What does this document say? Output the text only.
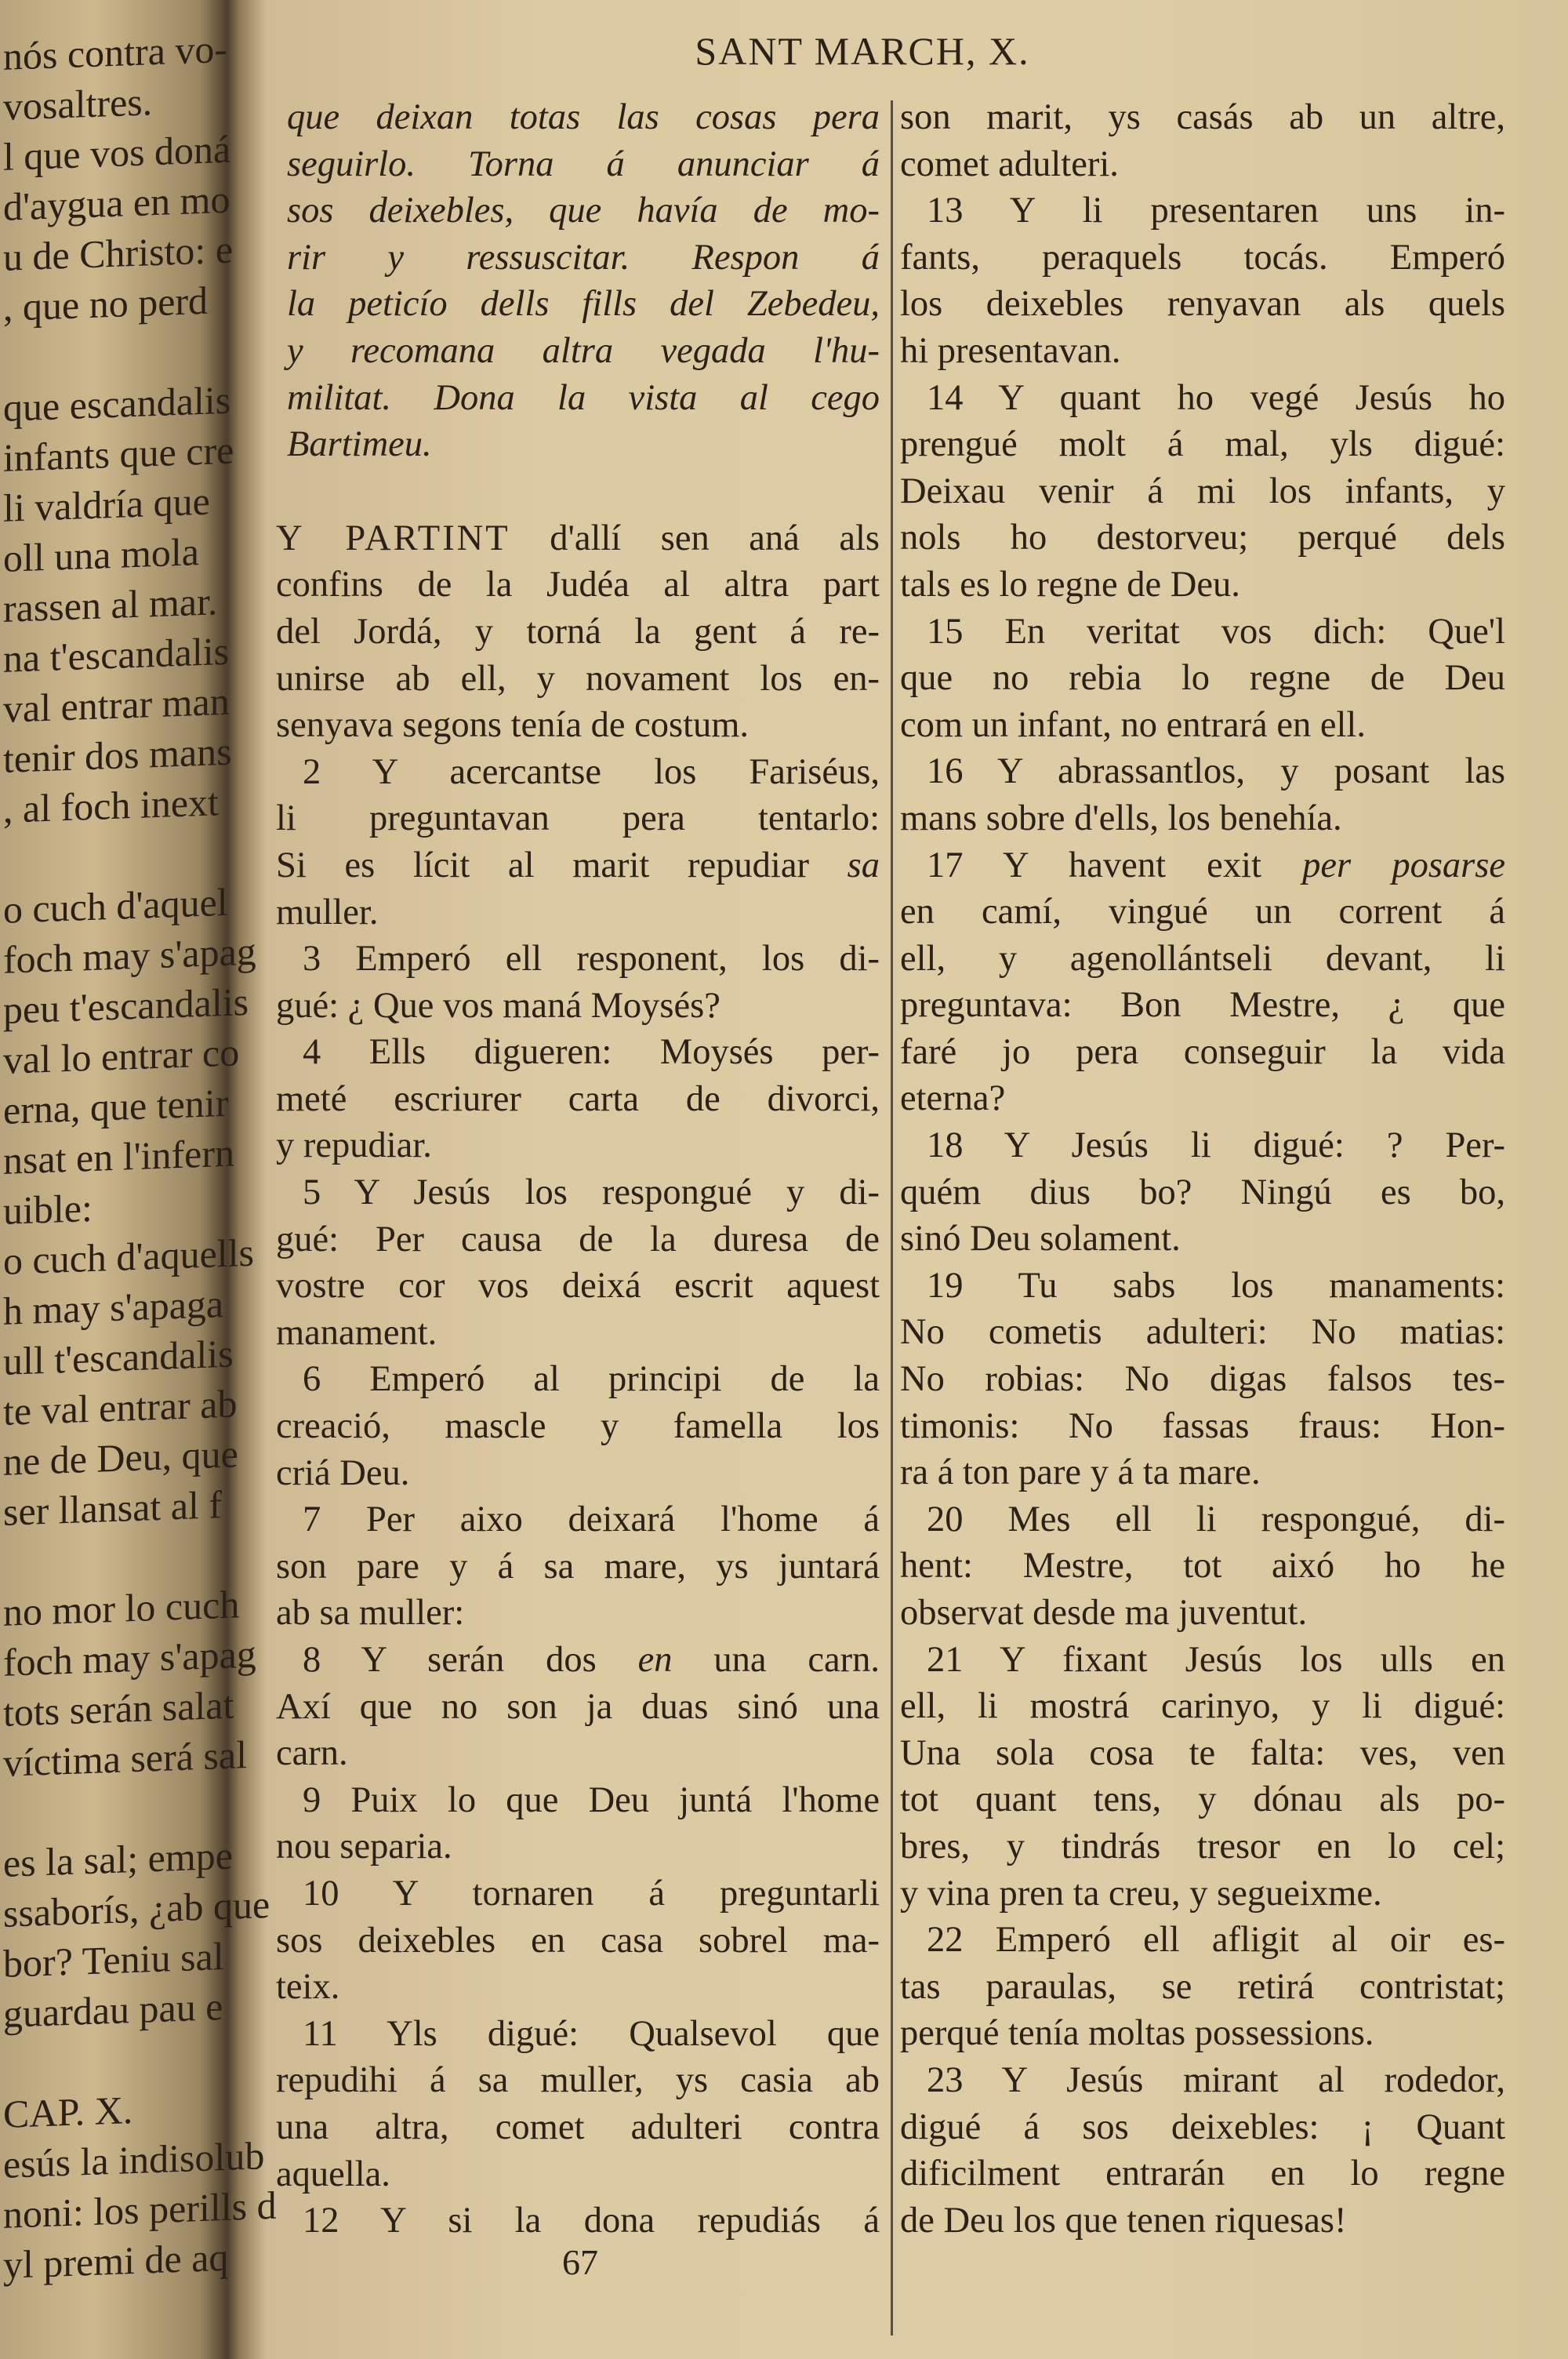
nós contra vo-
vosaltres.
l que vos doná
d'aygua en mo
u de Christo: e
, que no perd
que escandalis
infants que cre
li valdría que
oll una mola
rassen al mar.
na t'escandalis
val entrar man
tenir dos mans
, al foch inext
o cuch d'aquel
foch may s'apag
peu t'escandalis
val lo entrar co
erna, que tenir
nsat en l'infern
uible:
o cuch d'aquells
h may s'apaga
ull t'escandalis
te val entrar ab
ne de Deu, que
ser llansat al f
no mor lo cuch
foch may s'apag
tots serán salat
víctima será sal
es la sal; empe
ssaborís, ¿ab que
bor? Teniu sal
guardau pau e
CAP. X.
esús la indisolub
noni: los perills d
yl premi de aq
SANT MARCH, X.
que deixan totas las cosas pera
seguirlo. Torna á anunciar á
sos deixebles, que havía de mo-
rir y ressuscitar. Respon á
la peticío dells fills del Zebedeu,
y recomana altra vegada l'hu-
militat. Dona la vista al cego
Bartimeu.
Y PARTINT d'allí sen aná als
confins de la Judéa al altra part
del Jordá, y torná la gent á re-
unirse ab ell, y novament los en-
senyava segons tenía de costum.
2 Y acercantse los Fariséus,
li preguntavan pera tentarlo:
Si es lícit al marit repudiar sa
muller.
3 Emperó ell responent, los di-
gué: ¿ Que vos maná Moysés?
4 Ells digueren: Moysés per-
meté escriurer carta de divorci,
y repudiar.
5 Y Jesús los respongué y di-
gué: Per causa de la duresa de
vostre cor vos deixá escrit aquest
manament.
6 Emperó al principi de la
creació, mascle y famella los
criá Deu.
7 Per aixo deixará l'home á
son pare y á sa mare, ys juntará
ab sa muller:
8 Y serán dos en una carn.
Axí que no son ja duas sinó una
carn.
9 Puix lo que Deu juntá l'home
nou separia.
10 Y tornaren á preguntarli
sos deixebles en casa sobrel ma-
teix.
11 Yls digué: Qualsevol que
repudihi á sa muller, ys casia ab
una altra, comet adulteri contra
aquella.
12 Y si la dona repudiás á
son marit, ys casás ab un altre,
comet adulteri.
13 Y li presentaren uns in-
fants, peraquels tocás. Emperó
los deixebles renyavan als quels
hi presentavan.
14 Y quant ho vegé Jesús ho
prengué molt á mal, yls digué:
Deixau venir á mi los infants, y
nols ho destorveu; perqué dels
tals es lo regne de Deu.
15 En veritat vos dich: Que'l
que no rebia lo regne de Deu
com un infant, no entrará en ell.
16 Y abrassantlos, y posant las
mans sobre d'ells, los benehía.
17 Y havent exit per posarse
en camí, vingué un corrent á
ell, y agenollántseli devant, li
preguntava: Bon Mestre, ¿ que
faré jo pera conseguir la vida
eterna?
18 Y Jesús li digué: ? Per-
quém dius bo? Ningú es bo,
sinó Deu solament.
19 Tu sabs los manaments:
No cometis adulteri: No matias:
No robias: No digas falsos tes-
timonis: No fassas fraus: Hon-
ra á ton pare y á ta mare.
20 Mes ell li respongué, di-
hent: Mestre, tot aixó ho he
observat desde ma juventut.
21 Y fixant Jesús los ulls en
ell, li mostrá carinyo, y li digué:
Una sola cosa te falta: ves, ven
tot quant tens, y dónau als po-
bres, y tindrás tresor en lo cel;
y vina pren ta creu, y segueixme.
22 Emperó ell afligit al oir es-
tas paraulas, se retirá contristat;
perqué tenía moltas possessions.
23 Y Jesús mirant al rodedor,
digué á sos deixebles: ¡ Quant
dificilment entrarán en lo regne
de Deu los que tenen riquesas!
67
